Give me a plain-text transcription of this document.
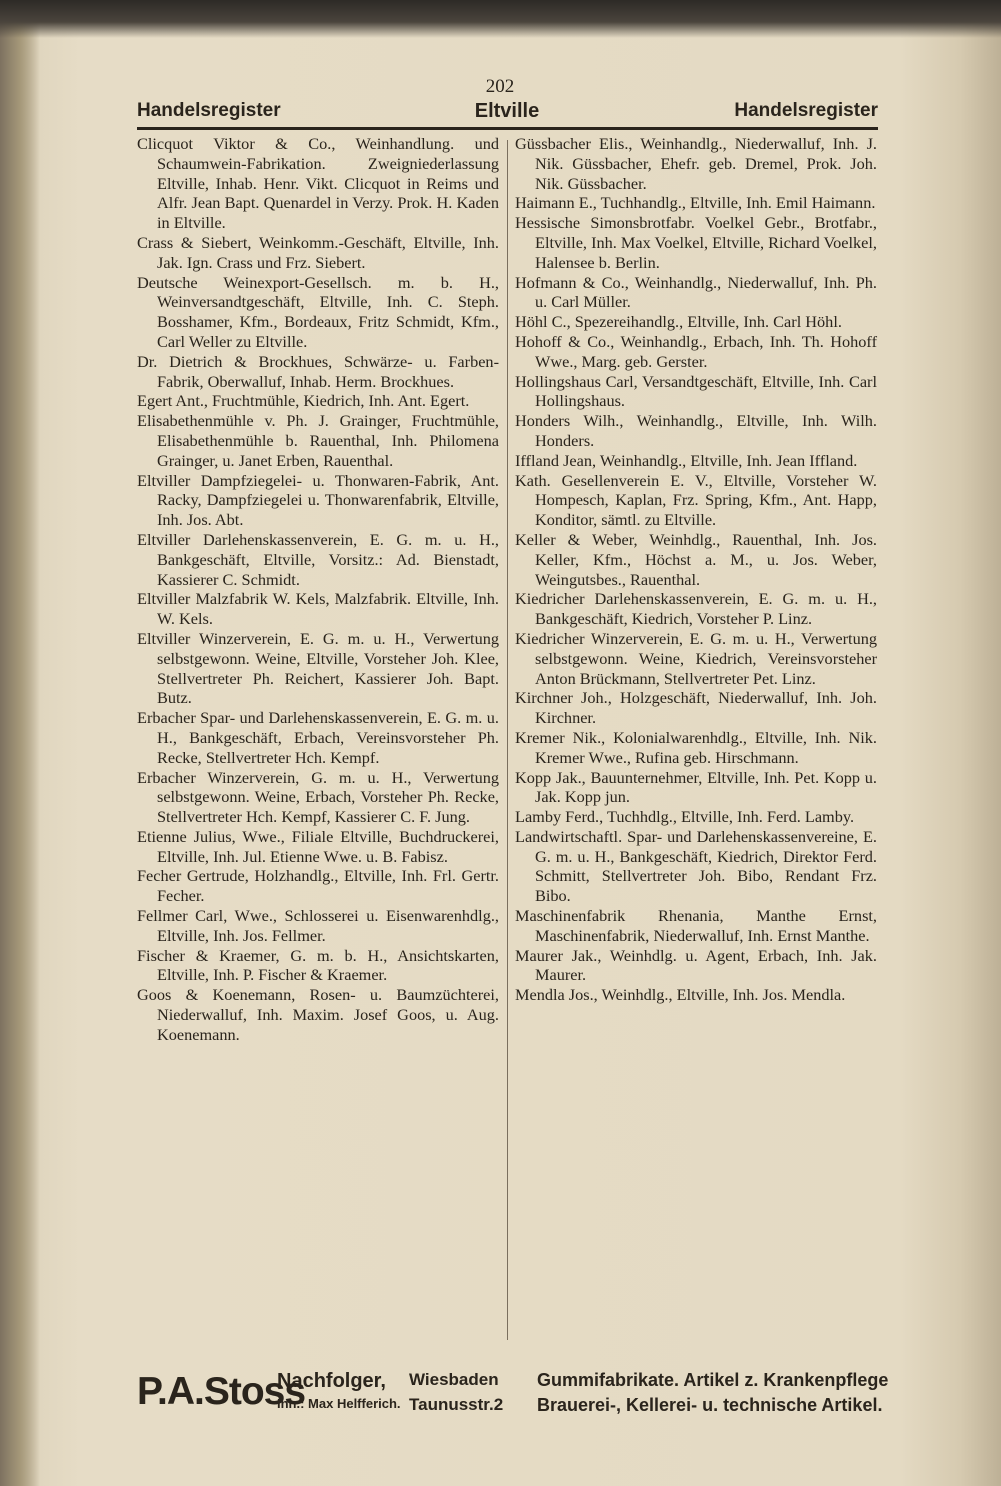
202
Handelsregister	Eltville	Handelsregister

Clicquot Viktor & Co., Weinhandlung. und Schaumwein-Fabrikation. Zweigniederlassung Eltville, Inhab. Henr. Vikt. Clicquot in Reims und Alfr. Jean Bapt. Quenardel in Verzy. Prok. H. Kaden in Eltville.

Crass & Siebert, Weinkomm.-Geschäft, Eltville, Inh. Jak. Ign. Crass und Frz. Siebert.

Deutsche Weinexport-Gesellsch. m. b. H., Weinversandtgeschäft, Eltville, Inh. C. Steph. Bosshamer, Kfm., Bordeaux, Fritz Schmidt, Kfm., Carl Weller zu Eltville.

Dr. Dietrich & Brockhues, Schwärze- u. Farben-Fabrik, Oberwalluf, Inhab. Herm. Brockhues.

Egert Ant., Fruchtmühle, Kiedrich, Inh. Ant. Egert.

Elisabethenmühle v. Ph. J. Grainger, Fruchtmühle, Elisabethenmühle b. Rauenthal, Inh. Philomena Grainger, u. Janet Erben, Rauenthal.

Eltviller Dampfziegelei- u. Thonwaren-Fabrik, Ant. Racky, Dampfziegelei u. Thonwarenfabrik, Eltville, Inh. Jos. Abt.

Eltviller Darlehenskassenverein, E. G. m. u. H., Bankgeschäft, Eltville, Vorsitz.: Ad. Bienstadt, Kassierer C. Schmidt.

Eltviller Malzfabrik W. Kels, Malzfabrik. Eltville, Inh. W. Kels.

Eltviller Winzerverein, E. G. m. u. H., Verwertung selbstgewonn. Weine, Eltville, Vorsteher Joh. Klee, Stellvertreter Ph. Reichert, Kassierer Joh. Bapt. Butz.

Erbacher Spar- und Darlehenskassenverein, E. G. m. u. H., Bankgeschäft, Erbach, Vereinsvorsteher Ph. Recke, Stellvertreter Hch. Kempf.

Erbacher Winzerverein, G. m. u. H., Verwertung selbstgewonn. Weine, Erbach, Vorsteher Ph. Recke, Stellvertreter Hch. Kempf, Kassierer C. F. Jung.

Etienne Julius, Wwe., Filiale Eltville, Buchdruckerei, Eltville, Inh. Jul. Etienne Wwe. u. B. Fabisz.

Fecher Gertrude, Holzhandlg., Eltville, Inh. Frl. Gertr. Fecher.

Fellmer Carl, Wwe., Schlosserei u. Eisenwarenhdlg., Eltville, Inh. Jos. Fellmer.

Fischer & Kraemer, G. m. b. H., Ansichtskarten, Eltville, Inh. P. Fischer & Kraemer.

Goos & Koenemann, Rosen- u. Baumzüchterei, Niederwalluf, Inh. Maxim. Josef Goos, u. Aug. Koenemann.

Güssbacher Elis., Weinhandlg., Niederwalluf, Inh. J. Nik. Güssbacher, Ehefr. geb. Dremel, Prok. Joh. Nik. Güssbacher.

Haimann E., Tuchhandlg., Eltville, Inh. Emil Haimann.

Hessische Simonsbrotfabr. Voelkel Gebr., Brotfabr., Eltville, Inh. Max Voelkel, Eltville, Richard Voelkel, Halensee b. Berlin.

Hofmann & Co., Weinhandlg., Niederwalluf, Inh. Ph. u. Carl Müller.

Höhl C., Spezereihandlg., Eltville, Inh. Carl Höhl.

Hohoff & Co., Weinhandlg., Erbach, Inh. Th. Hohoff Wwe., Marg. geb. Gerster.

Hollingshaus Carl, Versandtgeschäft, Eltville, Inh. Carl Hollingshaus.

Honders Wilh., Weinhandlg., Eltville, Inh. Wilh. Honders.

Iffland Jean, Weinhandlg., Eltville, Inh. Jean Iffland.

Kath. Gesellenverein E. V., Eltville, Vorsteher W. Hompesch, Kaplan, Frz. Spring, Kfm., Ant. Happ, Konditor, sämtl. zu Eltville.

Keller & Weber, Weinhdlg., Rauenthal, Inh. Jos. Keller, Kfm., Höchst a. M., u. Jos. Weber, Weingutsbes., Rauenthal.

Kiedricher Darlehenskassenverein, E. G. m. u. H., Bankgeschäft, Kiedrich, Vorsteher P. Linz.

Kiedricher Winzerverein, E. G. m. u. H., Verwertung selbstgewonn. Weine, Kiedrich, Vereinsvorsteher Anton Brückmann, Stellvertreter Pet. Linz.

Kirchner Joh., Holzgeschäft, Niederwalluf, Inh. Joh. Kirchner.

Kremer Nik., Kolonialwarenhdlg., Eltville, Inh. Nik. Kremer Wwe., Rufina geb. Hirschmann.

Kopp Jak., Bauunternehmer, Eltville, Inh. Pet. Kopp u. Jak. Kopp jun.

Lamby Ferd., Tuchhdlg., Eltville, Inh. Ferd. Lamby.

Landwirtschaftl. Spar- und Darlehenskassenvereine, E. G. m. u. H., Bankgeschäft, Kiedrich, Direktor Ferd. Schmitt, Stellvertreter Joh. Bibo, Rendant Frz. Bibo.

Maschinenfabrik Rhenania, Manthe Ernst, Maschinenfabrik, Niederwalluf, Inh. Ernst Manthe.

Maurer Jak., Weinhdlg. u. Agent, Erbach, Inh. Jak. Maurer.

Mendla Jos., Weinhdlg., Eltville, Inh. Jos. Mendla.

P.A.Stoss
Nachfolger,
Inh.: Max Helfferich.
Wiesbaden
Taunusstr.2
Gummifabrikate. Artikel z. Krankenpflege
Brauerei-, Kellerei- u. technische Artikel.
